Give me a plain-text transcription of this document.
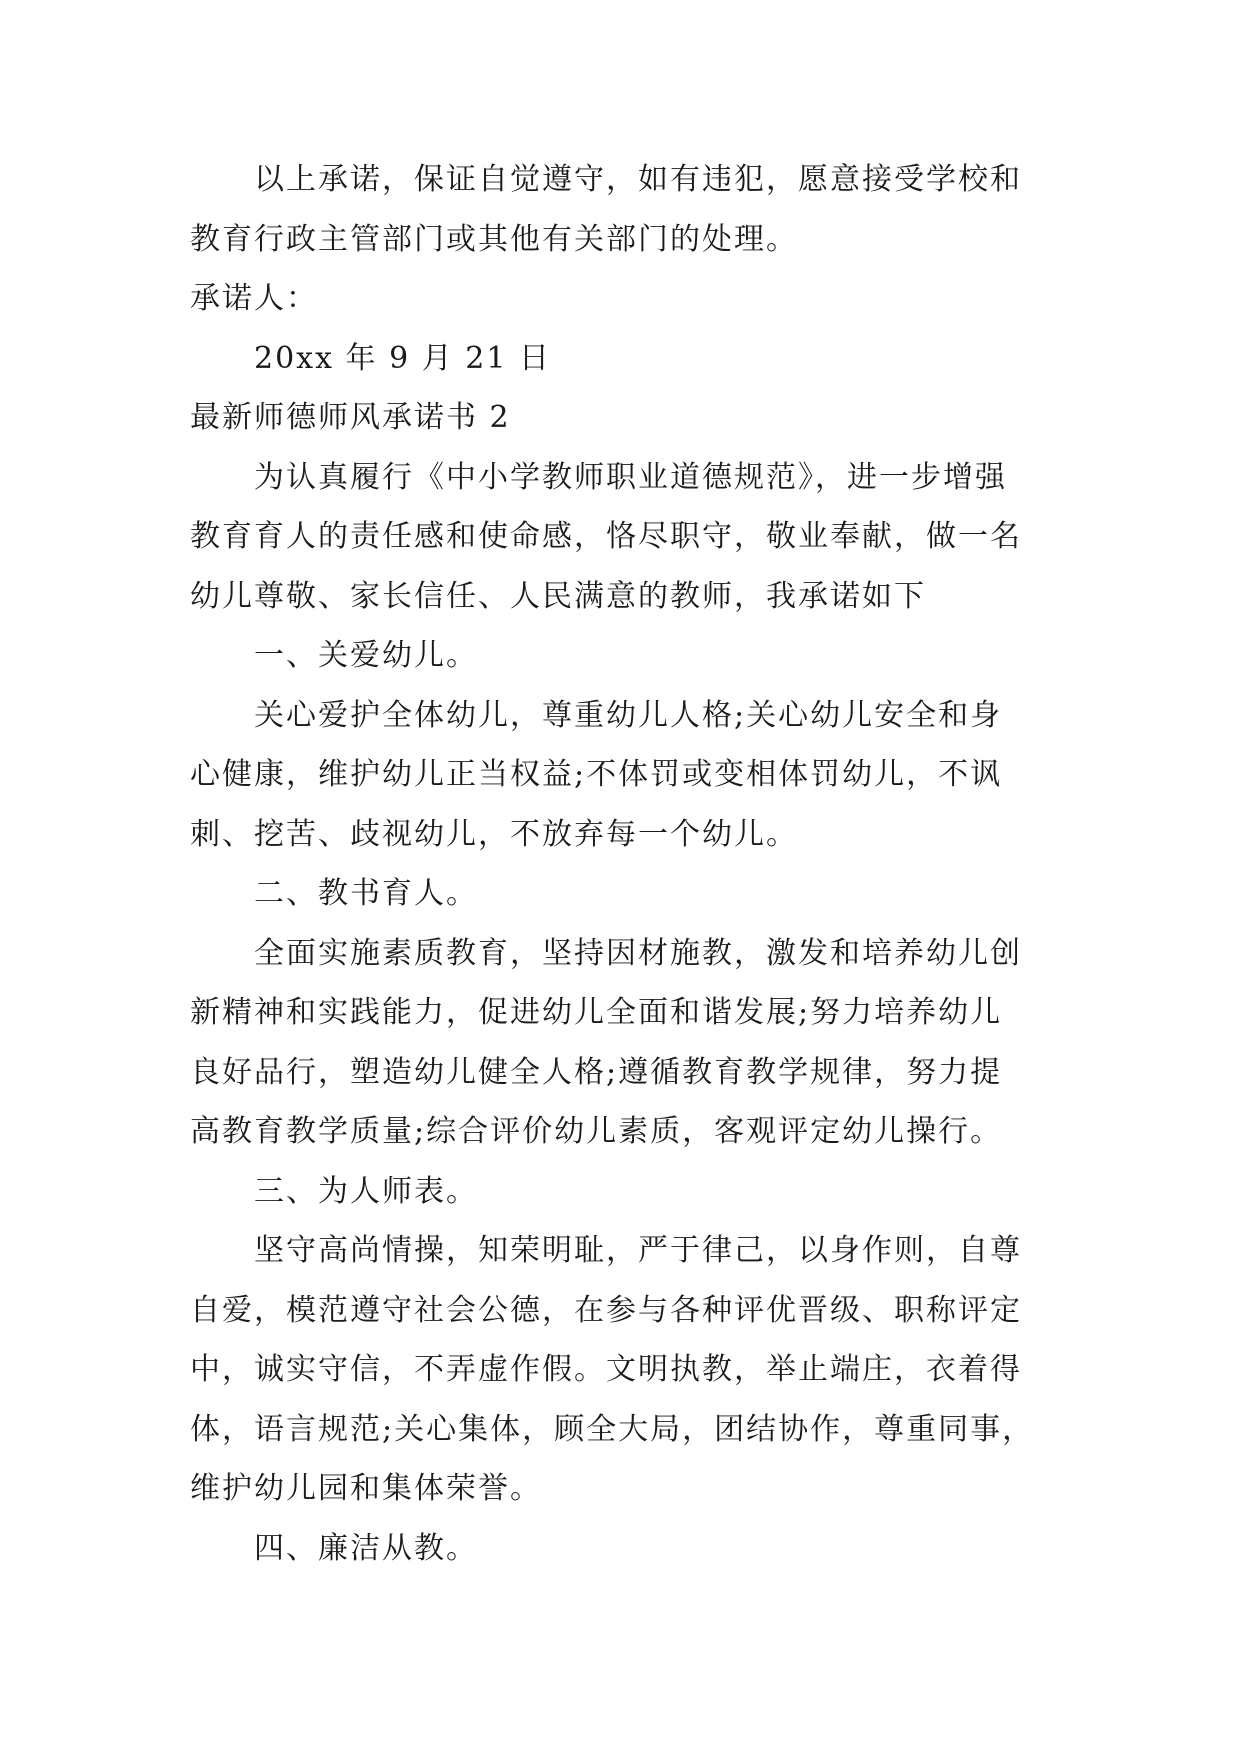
以上承诺，保证自觉遵守，如有违犯，愿意接受学校和
教育行政主管部门或其他有关部门的处理。
承诺人：
20xx 年 9 月 21 日
最新师德师风承诺书 2
为认真履行《中小学教师职业道德规范》，进一步增强
教育育人的责任感和使命感，恪尽职守，敬业奉献，做一名
幼儿尊敬、家长信任、人民满意的教师，我承诺如下
一、关爱幼儿。
关心爱护全体幼儿，尊重幼儿人格;关心幼儿安全和身
心健康，维护幼儿正当权益;不体罚或变相体罚幼儿，不讽
刺、挖苦、歧视幼儿，不放弃每一个幼儿。
二、教书育人。
全面实施素质教育，坚持因材施教，激发和培养幼儿创
新精神和实践能力，促进幼儿全面和谐发展;努力培养幼儿
良好品行，塑造幼儿健全人格;遵循教育教学规律，努力提
高教育教学质量;综合评价幼儿素质，客观评定幼儿操行。
三、为人师表。
坚守高尚情操，知荣明耻，严于律己，以身作则，自尊
自爱，模范遵守社会公德，在参与各种评优晋级、职称评定
中，诚实守信，不弄虚作假。文明执教，举止端庄，衣着得
体，语言规范;关心集体，顾全大局，团结协作，尊重同事，
维护幼儿园和集体荣誉。
四、廉洁从教。
